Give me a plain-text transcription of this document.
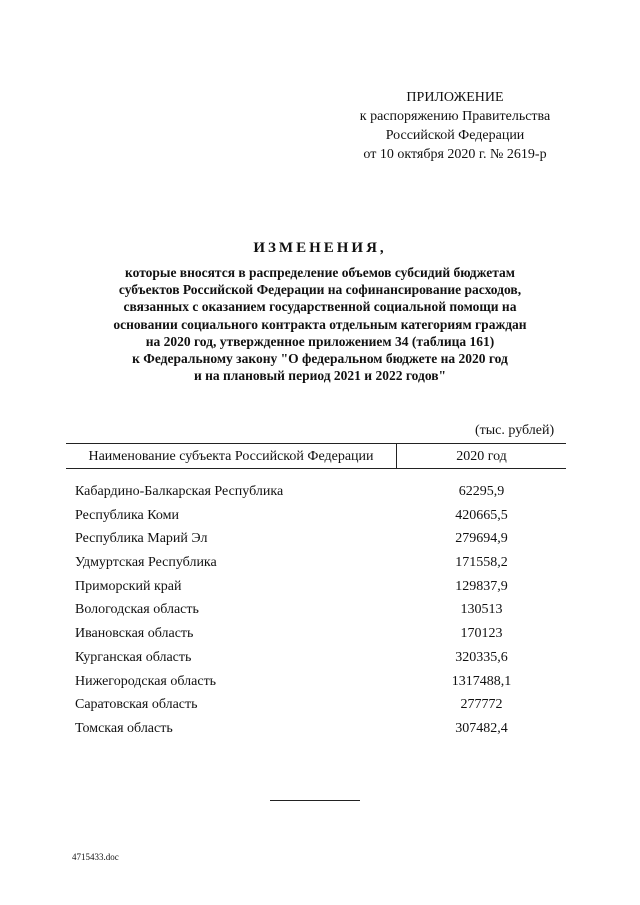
ПРИЛОЖЕНИЕ
к распоряжению Правительства
Российской Федерации
от 10 октября 2020 г. № 2619-р
ИЗМЕНЕНИЯ,
которые вносятся в распределение объемов субсидий бюджетам
субъектов Российской Федерации на софинансирование расходов,
связанных с оказанием государственной социальной помощи на
основании социального контракта отдельным категориям граждан
на 2020 год, утвержденное приложением 34 (таблица 161)
к Федеральному закону "О федеральном бюджете на 2020 год
и на плановый период 2021 и 2022 годов"
(тыс. рублей)
Наименование субъекта Российской Федерации	2020 год
Кабардино-Балкарская Республика	62295,9
Республика Коми	420665,5
Республика Марий Эл	279694,9
Удмуртская Республика	171558,2
Приморский край	129837,9
Вологодская область	130513
Ивановская область	170123
Курганская область	320335,6
Нижегородская область	1317488,1
Саратовская область	277772
Томская область	307482,4
4715433.doc
